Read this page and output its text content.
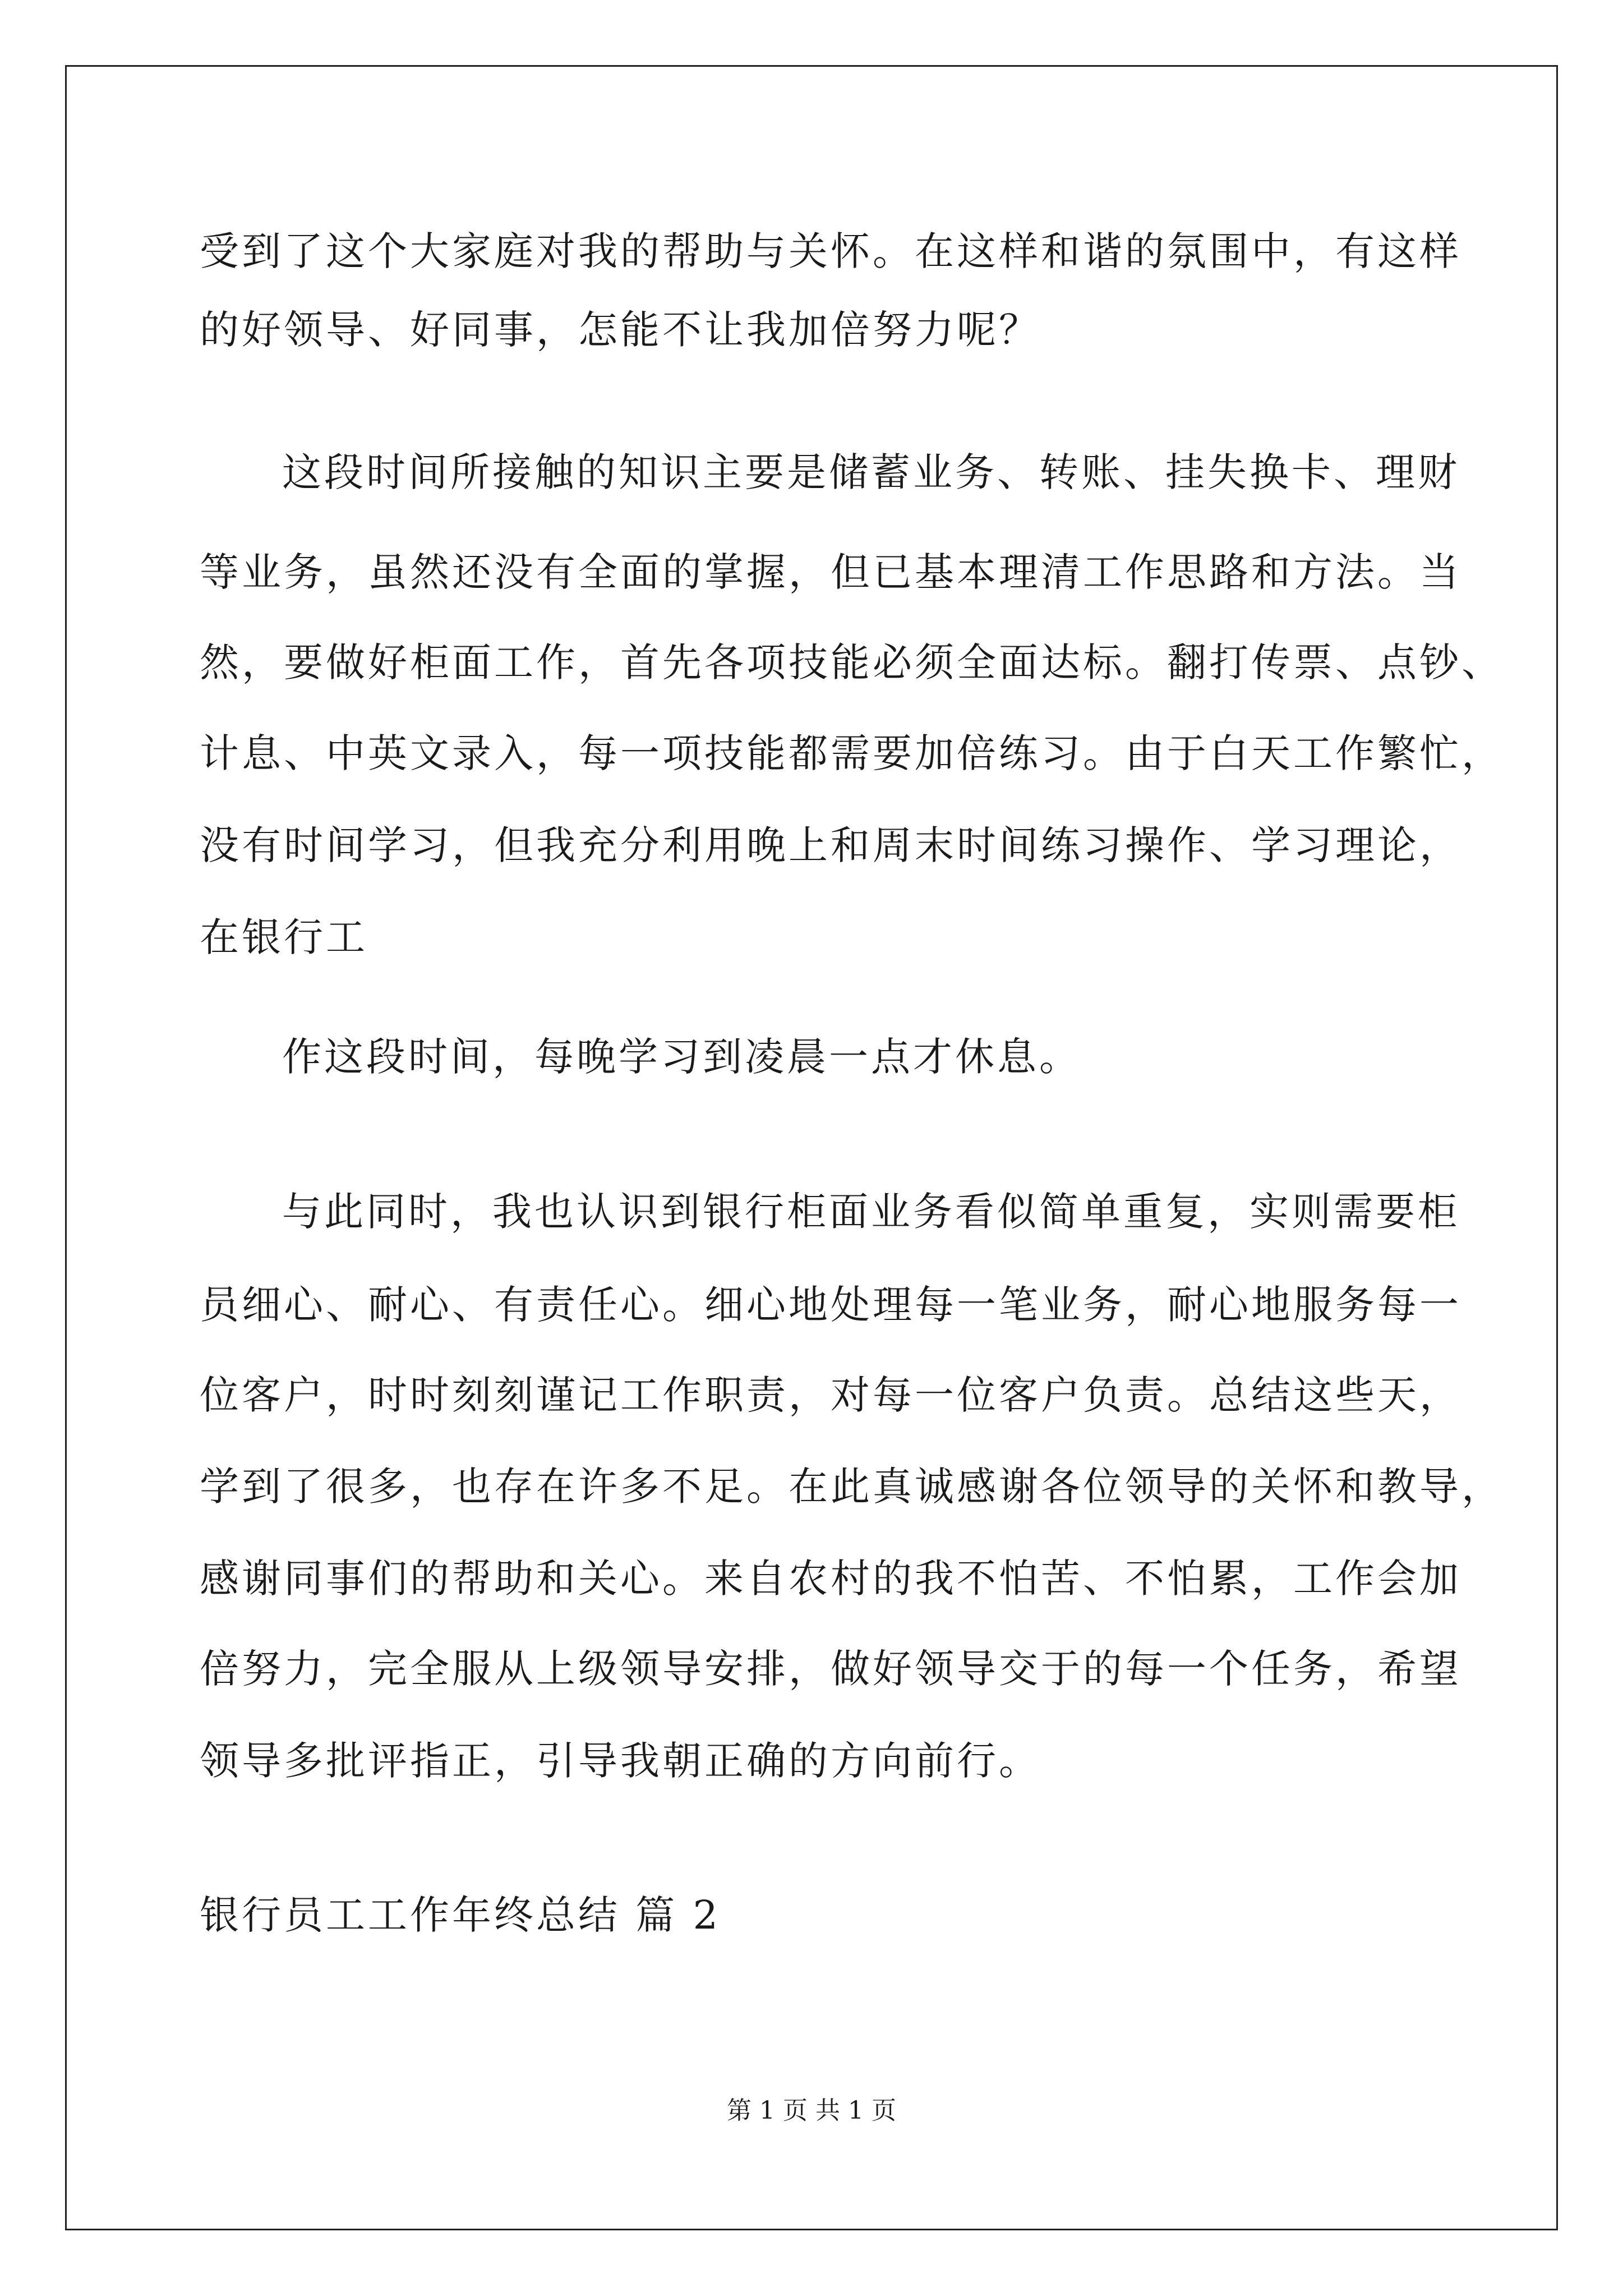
受到了这个大家庭对我的帮助与关怀。在这样和谐的氛围中，有这样
的好领导、好同事，怎能不让我加倍努力呢？
这段时间所接触的知识主要是储蓄业务、转账、挂失换卡、理财
等业务，虽然还没有全面的掌握，但已基本理清工作思路和方法。当
然，要做好柜面工作，首先各项技能必须全面达标。翻打传票、点钞、
计息、中英文录入，每一项技能都需要加倍练习。由于白天工作繁忙，
没有时间学习，但我充分利用晚上和周末时间练习操作、学习理论，
在银行工
作这段时间，每晚学习到凌晨一点才休息。
与此同时，我也认识到银行柜面业务看似简单重复，实则需要柜
员细心、耐心、有责任心。细心地处理每一笔业务，耐心地服务每一
位客户，时时刻刻谨记工作职责，对每一位客户负责。总结这些天，
学到了很多，也存在许多不足。在此真诚感谢各位领导的关怀和教导，
感谢同事们的帮助和关心。来自农村的我不怕苦、不怕累，工作会加
倍努力，完全服从上级领导安排，做好领导交于的每一个任务，希望
领导多批评指正，引导我朝正确的方向前行。
银行员工工作年终总结 篇 2
第 1 页 共 1 页
